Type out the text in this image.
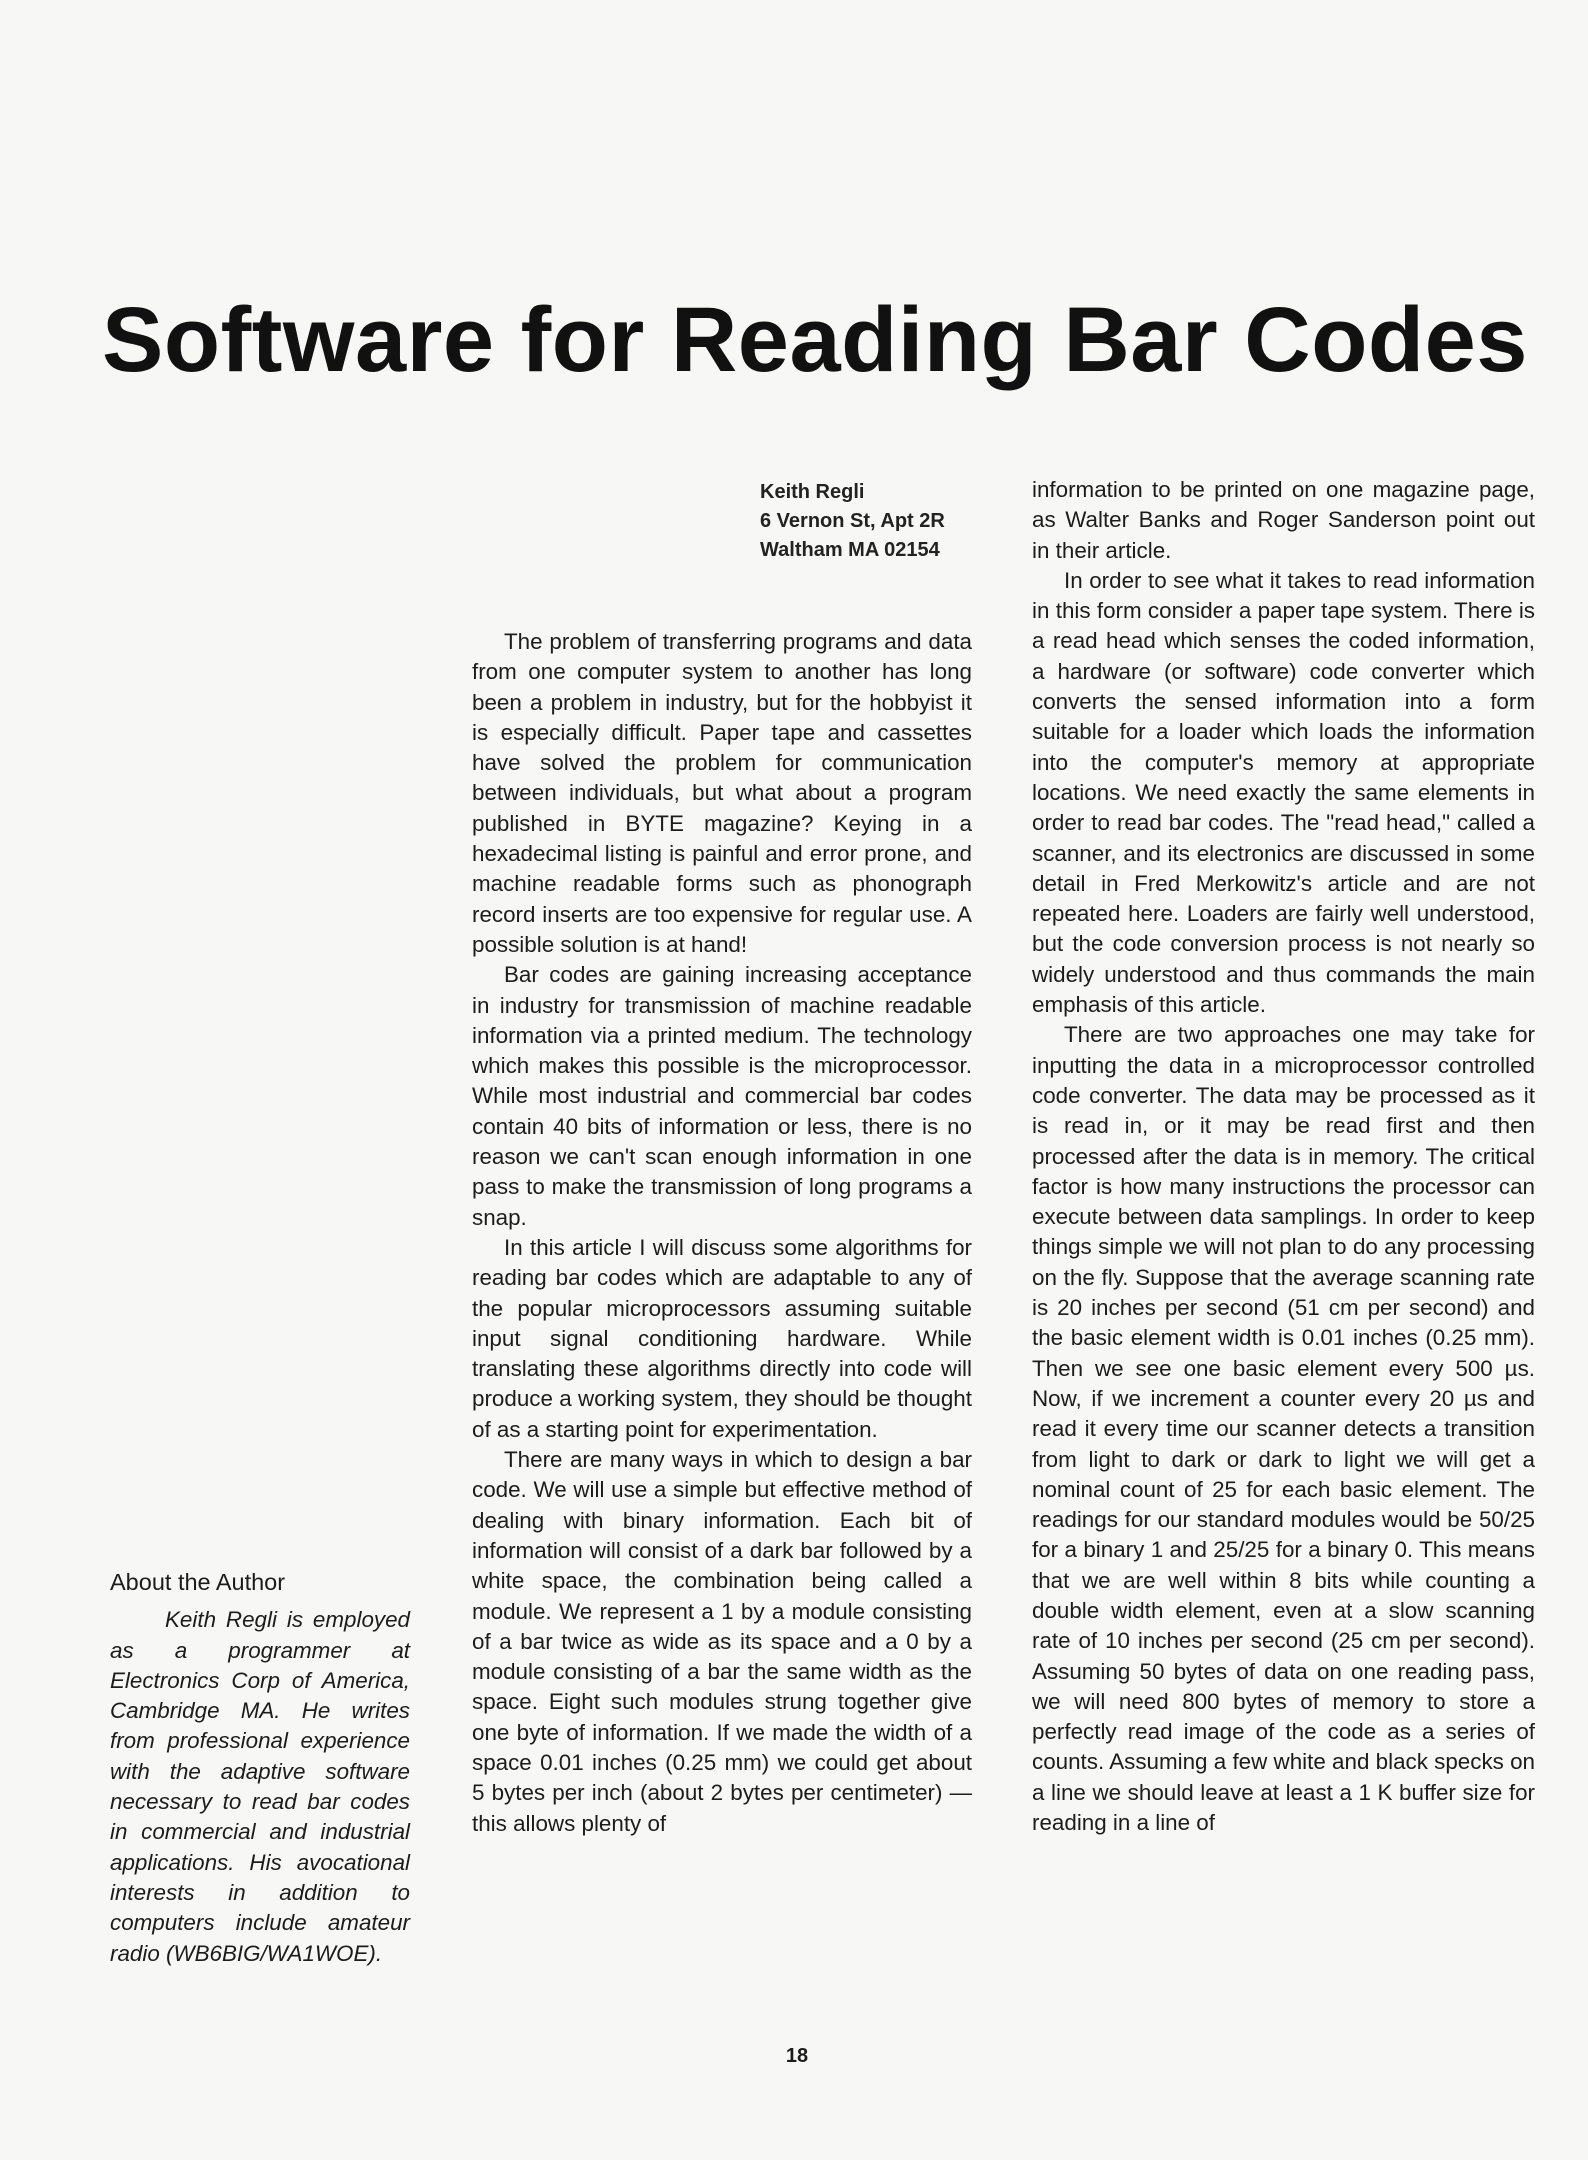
Software for Reading Bar Codes
Keith Regli
6 Vernon St, Apt 2R
Waltham MA 02154

The problem of transferring programs and data from one computer system to another has long been a problem in industry, but for the hobbyist it is especially difficult. Paper tape and cassettes have solved the problem for communication between individuals, but what about a program published in BYTE magazine? Keying in a hexadecimal listing is painful and error prone, and machine readable forms such as phonograph record inserts are too expensive for regular use. A possible solution is at hand!

Bar codes are gaining increasing acceptance in industry for transmission of machine readable information via a printed medium. The technology which makes this possible is the microprocessor. While most industrial and commercial bar codes contain 40 bits of information or less, there is no reason we can't scan enough information in one pass to make the transmission of long programs a snap.

In this article I will discuss some algorithms for reading bar codes which are adaptable to any of the popular microprocessors assuming suitable input signal conditioning hardware. While translating these algorithms directly into code will produce a working system, they should be thought of as a starting point for experimentation.

There are many ways in which to design a bar code. We will use a simple but effective method of dealing with binary information. Each bit of information will consist of a dark bar followed by a white space, the combination being called a module. We represent a 1 by a module consisting of a bar twice as wide as its space and a 0 by a module consisting of a bar the same width as the space. Eight such modules strung together give one byte of information. If we made the width of a space 0.01 inches (0.25 mm) we could get about 5 bytes per inch (about 2 bytes per centimeter) — this allows plenty of

information to be printed on one magazine page, as Walter Banks and Roger Sanderson point out in their article.

In order to see what it takes to read information in this form consider a paper tape system. There is a read head which senses the coded information, a hardware (or software) code converter which converts the sensed information into a form suitable for a loader which loads the information into the computer's memory at appropriate locations. We need exactly the same elements in order to read bar codes. The "read head," called a scanner, and its electronics are discussed in some detail in Fred Merkowitz's article and are not repeated here. Loaders are fairly well understood, but the code conversion process is not nearly so widely understood and thus commands the main emphasis of this article.

There are two approaches one may take for inputting the data in a microprocessor controlled code converter. The data may be processed as it is read in, or it may be read first and then processed after the data is in memory. The critical factor is how many instructions the processor can execute between data samplings. In order to keep things simple we will not plan to do any processing on the fly. Suppose that the average scanning rate is 20 inches per second (51 cm per second) and the basic element width is 0.01 inches (0.25 mm). Then we see one basic element every 500 µs. Now, if we increment a counter every 20 µs and read it every time our scanner detects a transition from light to dark or dark to light we will get a nominal count of 25 for each basic element. The readings for our standard modules would be 50/25 for a binary 1 and 25/25 for a binary 0. This means that we are well within 8 bits while counting a double width element, even at a slow scanning rate of 10 inches per second (25 cm per second). Assuming 50 bytes of data on one reading pass, we will need 800 bytes of memory to store a perfectly read image of the code as a series of counts. Assuming a few white and black specks on a line we should leave at least a 1 K buffer size for reading in a line of

About the Author

Keith Regli is employed as a programmer at Electronics Corp of America, Cambridge MA. He writes from professional experience with the adaptive software necessary to read bar codes in commercial and industrial applications. His avocational interests in addition to computers include amateur radio (WB6BIG/WA1WOE).

18
